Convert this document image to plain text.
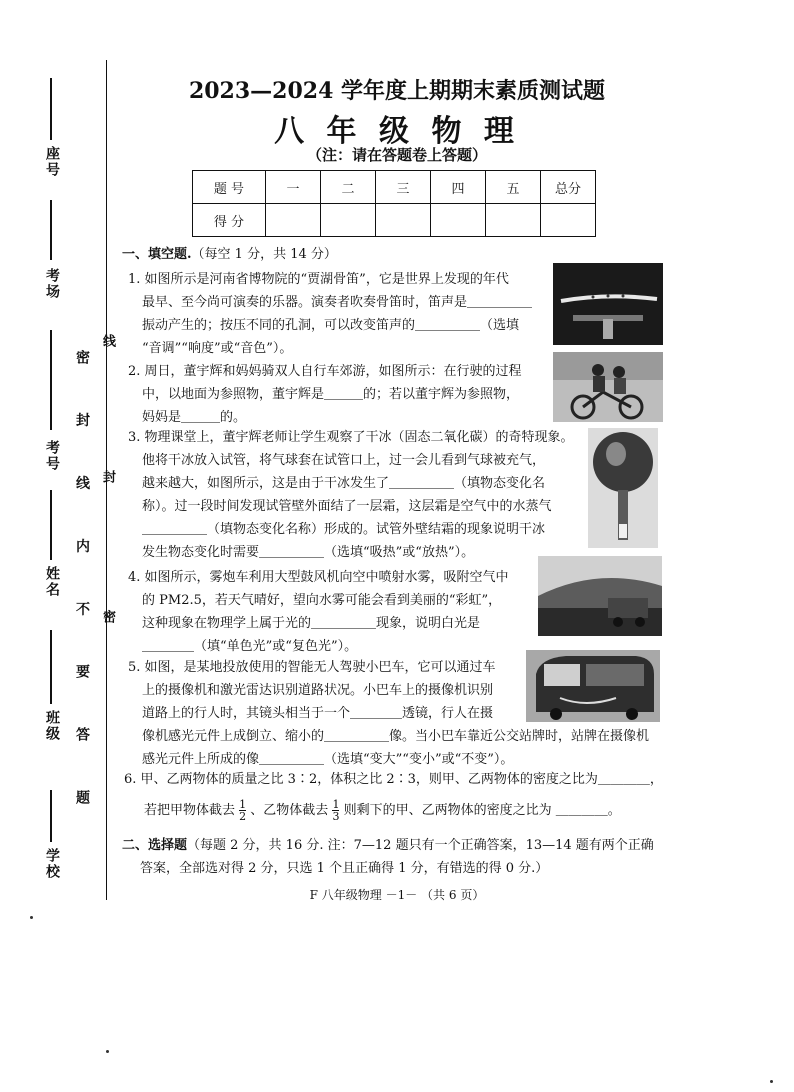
座号
考场
考号
姓名
班级
学校
密 封 线 内 不 要 答 题
线
封
密
2023—2024 学年度上期期末素质测试题
八 年 级 物 理
（注：请在答题卷上答题）
题 号	一	二	三	四	五	总分
得 分						
一、填空题.（每空 1 分，共 14 分）
1. 如图所示是河南省博物院的“贾湖骨笛”，它是世界上发现的年代
最早、至今尚可演奏的乐器。演奏者吹奏骨笛时，笛声是＿＿＿＿＿
振动产生的；按压不同的孔洞，可以改变笛声的＿＿＿＿＿（选填
“音调”“响度”或“音色”）。
2. 周日，董宇辉和妈妈骑双人自行车郊游，如图所示：在行驶的过程
中，以地面为参照物，董宇辉是＿＿＿的；若以董宇辉为参照物，
妈妈是＿＿＿的。
3. 物理课堂上，董宇辉老师让学生观察了干冰（固态二氧化碳）的奇特现象。
他将干冰放入试管，将气球套在试管口上，过一会儿看到气球被充气，
越来越大，如图所示，这是由于干冰发生了＿＿＿＿＿（填物态变化名
称）。过一段时间发现试管壁外面结了一层霜，这层霜是空气中的水蒸气
＿＿＿＿＿（填物态变化名称）形成的。试管外壁结霜的现象说明干冰
发生物态变化时需要＿＿＿＿＿（选填“吸热”或“放热”）。
4. 如图所示，雾炮车利用大型鼓风机向空中喷射水雾，吸附空气中
的 PM2.5，若天气晴好，望向水雾可能会看到美丽的“彩虹”，
这种现象在物理学上属于光的＿＿＿＿＿现象，说明白光是
＿＿＿＿（填“单色光”或“复色光”）。
5. 如图，是某地投放使用的智能无人驾驶小巴车，它可以通过车
上的摄像机和激光雷达识别道路状况。小巴车上的摄像机识别
道路上的行人时，其镜头相当于一个＿＿＿＿透镜，行人在摄
像机感光元件上成倒立、缩小的＿＿＿＿＿像。当小巴车靠近公交站牌时，站牌在摄像机
感光元件上所成的像＿＿＿＿＿（选填“变大”“变小”或“不变”）。
6. 甲、乙两物体的质量之比 3∶2，体积之比 2∶3，则甲、乙两物体的密度之比为＿＿＿＿，
若把甲物体截去 $\frac{1}{2}$ 、乙物体截去 $\frac{1}{3}$ 则剩下的甲、乙两物体的密度之比为 ＿＿＿＿。
二、选择题（每题 2 分，共 16 分. 注：7—12 题只有一个正确答案，13—14 题有两个正确
答案，全部选对得 2 分，只选 1 个且正确得 1 分，有错选的得 0 分.）
F 八年级物理 －1－ （共 6 页）
